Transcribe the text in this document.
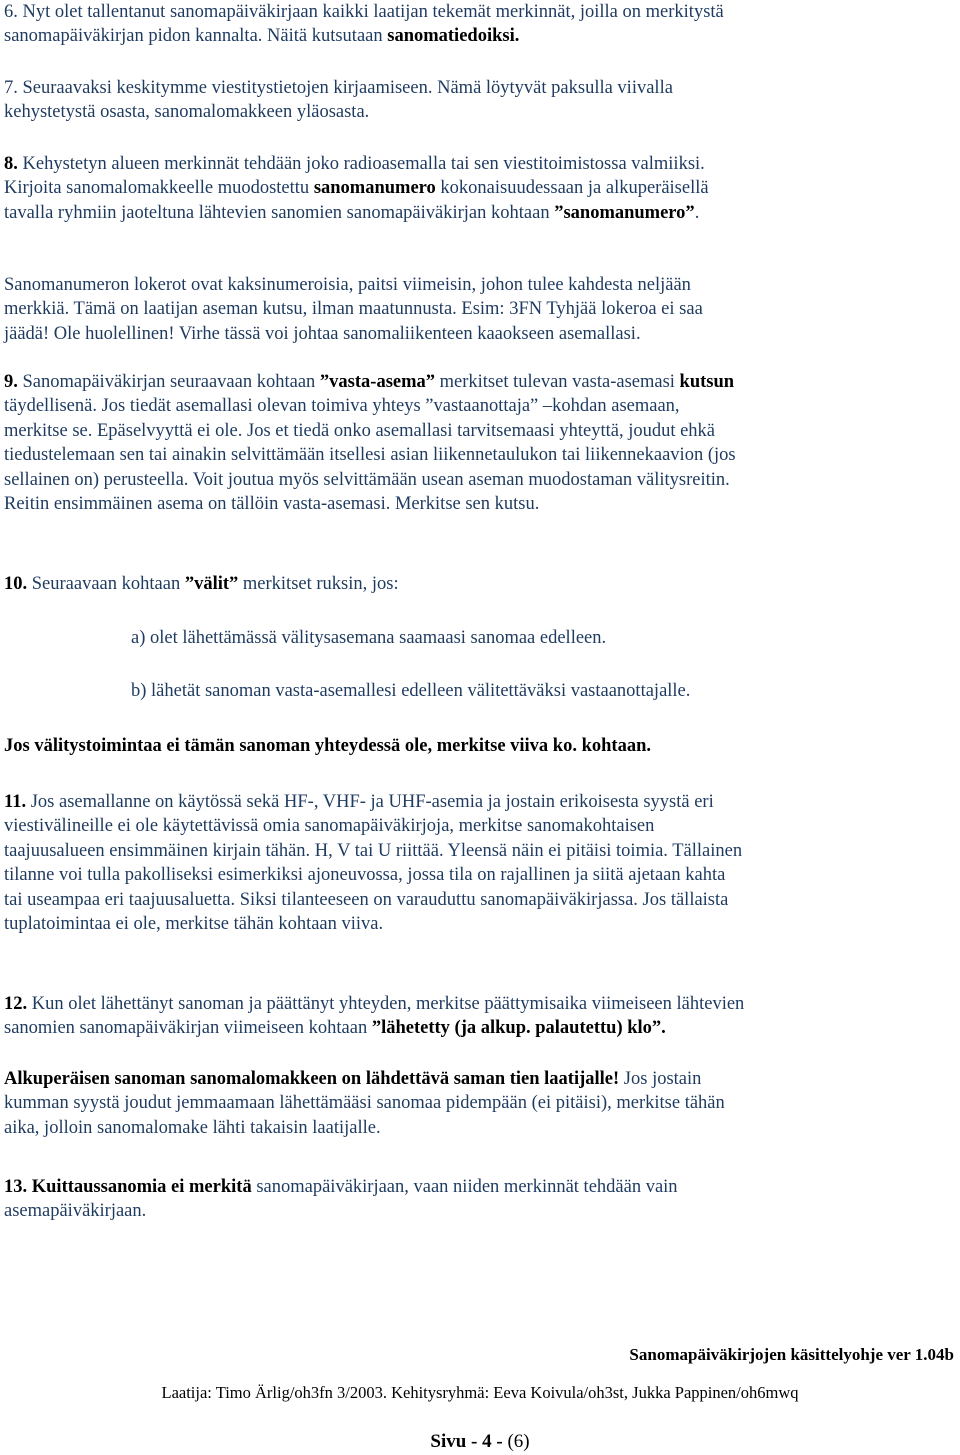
6. Nyt olet tallentanut sanomapäiväkirjaan kaikki laatijan tekemät merkinnät, joilla on merkitystä
sanomapäiväkirjan pidon kannalta. Näitä kutsutaan sanomatiedoiksi.

7. Seuraavaksi keskitymme viestitystietojen kirjaamiseen. Nämä löytyvät paksulla viivalla
kehystetystä osasta, sanomalomakkeen yläosasta.

8. Kehystetyn alueen merkinnät tehdään joko radioasemalla tai sen viestitoimistossa valmiiksi.
Kirjoita sanomalomakkeelle muodostettu sanomanumero kokonaisuudessaan ja alkuperäisellä
tavalla ryhmiin jaoteltuna lähtevien sanomien sanomapäiväkirjan kohtaan ”sanomanumero”.

Sanomanumeron lokerot ovat kaksinumeroisia, paitsi viimeisin, johon tulee kahdesta neljään
merkkiä. Tämä on laatijan aseman kutsu, ilman maatunnusta. Esim: 3FN Tyhjää lokeroa ei saa
jäädä! Ole huolellinen! Virhe tässä voi johtaa sanomaliikenteen kaaokseen asemallasi.

9. Sanomapäiväkirjan seuraavaan kohtaan ”vasta-asema” merkitset tulevan vasta-asemasi kutsun
täydellisenä. Jos tiedät asemallasi olevan toimiva yhteys ”vastaanottaja” –kohdan asemaan,
merkitse se. Epäselvyyttä ei ole. Jos et tiedä onko asemallasi tarvitsemaasi yhteyttä, joudut ehkä
tiedustelemaan sen tai ainakin selvittämään itsellesi asian liikennetaulukon tai liikennekaavion (jos
sellainen on) perusteella. Voit joutua myös selvittämään usean aseman muodostaman välitysreitin.
Reitin ensimmäinen asema on tällöin vasta-asemasi. Merkitse sen kutsu.

10. Seuraavaan kohtaan ”välit” merkitset ruksin, jos:

a) olet lähettämässä välitysasemana saamaasi sanomaa edelleen.

b) lähetät sanoman vasta-asemallesi edelleen välitettäväksi vastaanottajalle.

Jos välitystoimintaa ei tämän sanoman yhteydessä ole, merkitse viiva ko. kohtaan.

11. Jos asemallanne on käytössä sekä HF-, VHF- ja UHF-asemia ja jostain erikoisesta syystä eri
viestivälineille ei ole käytettävissä omia sanomapäiväkirjoja, merkitse sanomakohtaisen
taajuusalueen ensimmäinen kirjain tähän. H, V tai U riittää. Yleensä näin ei pitäisi toimia. Tällainen
tilanne voi tulla pakolliseksi esimerkiksi ajoneuvossa, jossa tila on rajallinen ja siitä ajetaan kahta
tai useampaa eri taajuusaluetta. Siksi tilanteeseen on varauduttu sanomapäiväkirjassa. Jos tällaista
tuplatoimintaa ei ole, merkitse tähän kohtaan viiva.

12. Kun olet lähettänyt sanoman ja päättänyt yhteyden, merkitse päättymisaika viimeiseen lähtevien
sanomien sanomapäiväkirjan viimeiseen kohtaan ”lähetetty (ja alkup. palautettu) klo”.

Alkuperäisen sanoman sanomalomakkeen on lähdettävä saman tien laatijalle! Jos jostain
kumman syystä joudut jemmaamaan lähettämääsi sanomaa pidempään (ei pitäisi), merkitse tähän
aika, jolloin sanomalomake lähti takaisin laatijalle.

13. Kuittaussanomia ei merkitä sanomapäiväkirjaan, vaan niiden merkinnät tehdään vain
asemapäiväkirjaan.

Sanomapäiväkirjojen käsittelyohje ver 1.04b
Laatija: Timo Ärlig/oh3fn 3/2003. Kehitysryhmä: Eeva Koivula/oh3st, Jukka Pappinen/oh6mwq
Sivu - 4 - (6)
